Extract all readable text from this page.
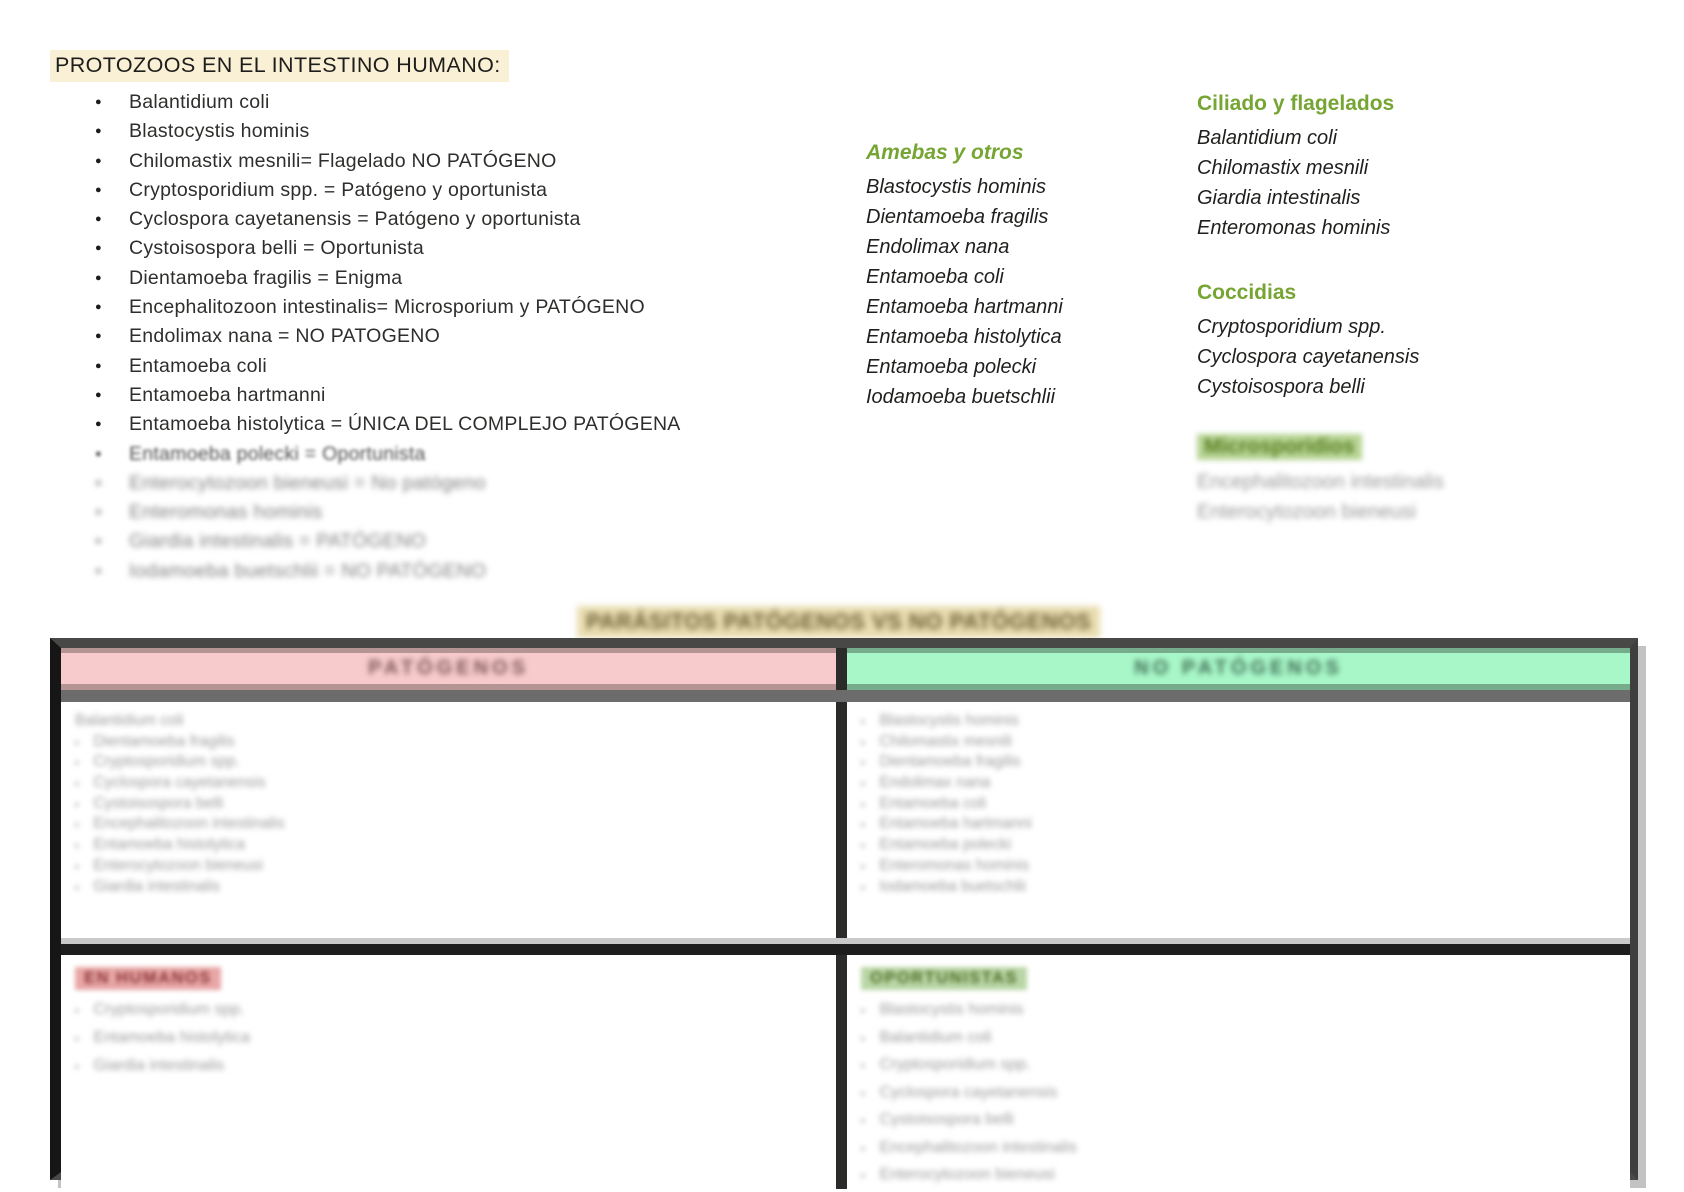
PROTOZOOS EN EL INTESTINO HUMANO:
● Balantidium coli
● Blastocystis hominis
● Chilomastix mesnili= Flagelado NO PATÓGENO
● Cryptosporidium spp. = Patógeno y oportunista
● Cyclospora cayetanensis = Patógeno y oportunista
● Cystoisospora belli = Oportunista
● Dientamoeba fragilis = Enigma
● Encephalitozoon intestinalis= Microsporium y PATÓGENO
● Endolimax nana = NO PATOGENO
● Entamoeba coli
● Entamoeba hartmanni
● Entamoeba histolytica = ÚNICA DEL COMPLEJO PATÓGENA
● Entamoeba polecki = Oportunista
● Enterocytozoon bieneusi = No patógeno
● Enteromonas hominis
● Giardia intestinalis = PATÓGENO
● Iodamoeba buetschlii = NO PATÓGENO
Amebas y otros
Blastocystis hominis
Dientamoeba fragilis
Endolimax nana
Entamoeba coli
Entamoeba hartmanni
Entamoeba histolytica
Entamoeba polecki
Iodamoeba buetschlii
Ciliado y flagelados
Balantidium coli
Chilomastix mesnili
Giardia intestinalis
Enteromonas hominis
Coccidias
Cryptosporidium spp.
Cyclospora cayetanensis
Cystoisospora belli
Microsporidios
Encephalitozoon intestinalis
Enterocytozoon bieneusi
PARÁSITOS PATÓGENOS VS NO PATÓGENOS
PATÓGENOS	NO PATÓGENOS
Balantidium coli
▪ Dientamoeba fragilis
▪ Cryptosporidium spp.
▪ Cyclospora cayetanensis
▪ Cystoisospora belli
▪ Encephalitozoon intestinalis
▪ Entamoeba histolytica
▪ Enterocytozoon bieneusi
▪ Giardia intestinalis
▪ Blastocystis hominis
▪ Chilomastix mesnili
▪ Dientamoeba fragilis
▪ Endolimax nana
▪ Entamoeba coli
▪ Entamoeba hartmanni
▪ Entamoeba polecki
▪ Enteromonas hominis
▪ Iodamoeba buetschlii
EN HUMANOS
▪ Cryptosporidium spp.
▪ Entamoeba histolytica
▪ Giardia intestinalis
OPORTUNISTAS
▪ Blastocystis hominis
▪ Balantidium coli
▪ Cryptosporidium spp.
▪ Cyclospora cayetanensis
▪ Cystoisospora belli
▪ Encephalitozoon intestinalis
▪ Enterocytozoon bieneusi
